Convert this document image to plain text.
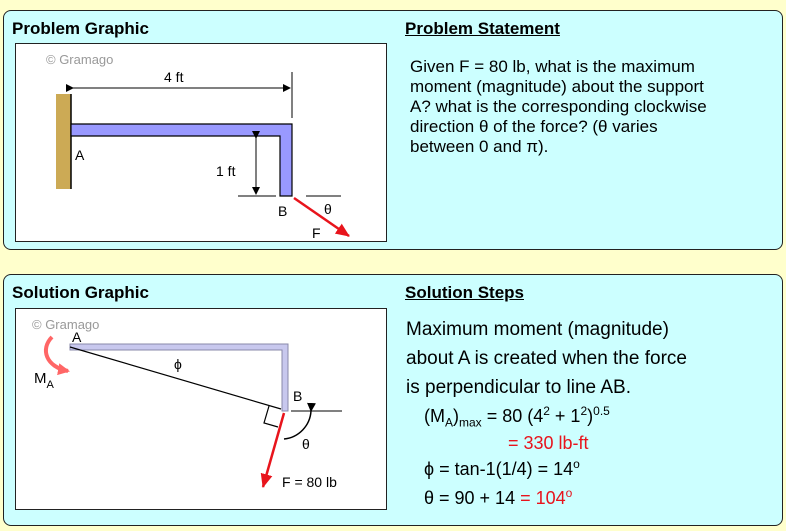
Problem Graphic	Problem Statement
© Gramago
4 ft
1 ft
A
B	θ
F
Given F = 80 lb, what is the maximum
moment (magnitude) about the support
A? what is the corresponding clockwise
direction θ of the force? (θ varies
between 0 and π).
Solution Graphic	Solution Steps
© Gramago
A
ϕ
$M_A$
B
θ
F = 80 lb
Maximum moment (magnitude)
about A is created when the force
is perpendicular to line AB.
$(M_A)_{max} = 80$ $(4^2 + 1^2)^{0.5}$
= 330 lb-ft
$\phi = \tan-1(1/4) = 14^o$
$\theta = 90 + 14 = 104^o$
